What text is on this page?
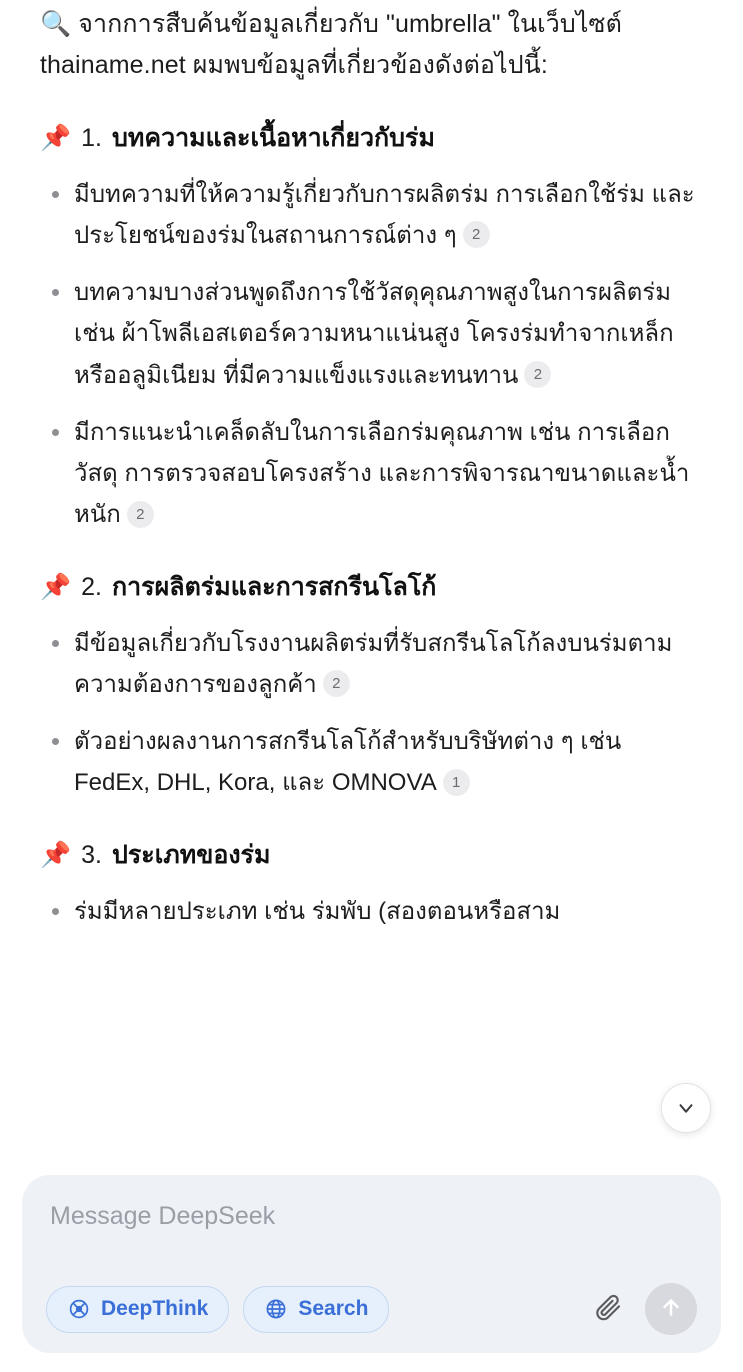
🔍 จากการสืบค้นข้อมูลเกี่ยวกับ "umbrella" ในเว็บไซต์ thainame.net ผมพบข้อมูลที่เกี่ยวข้องดังต่อไปนี้:
📌 1. บทความและเนื้อหาเกี่ยวกับร่ม
มีบทความที่ให้ความรู้เกี่ยวกับการผลิตร่ม การเลือกใช้ร่ม และประโยชน์ของร่มในสถานการณ์ต่าง ๆ 2
บทความบางส่วนพูดถึงการใช้วัสดุคุณภาพสูงในการผลิตร่ม เช่น ผ้าโพลีเอสเตอร์ความหนาแน่นสูง โครงร่มทำจากเหล็กหรืออลูมิเนียม ที่มีความแข็งแรงและทนทาน 2
มีการแนะนำเคล็ดลับในการเลือกร่มคุณภาพ เช่น การเลือกวัสดุ การตรวจสอบโครงสร้าง และการพิจารณาขนาดและน้ำหนัก 2
📌 2. การผลิตร่มและการสกรีนโลโก้
มีข้อมูลเกี่ยวกับโรงงานผลิตร่มที่รับสกรีนโลโก้ลงบนร่มตามความต้องการของลูกค้า 2
ตัวอย่างผลงานการสกรีนโลโก้สำหรับบริษัทต่าง ๆ เช่น FedEx, DHL, Kora, และ OMNOVA 1
📌 3. ประเภทของร่ม
ร่มมีหลายประเภท เช่น ร่มพับ (สองตอนหรือสาม
Message DeepSeek
DeepThink	Search
